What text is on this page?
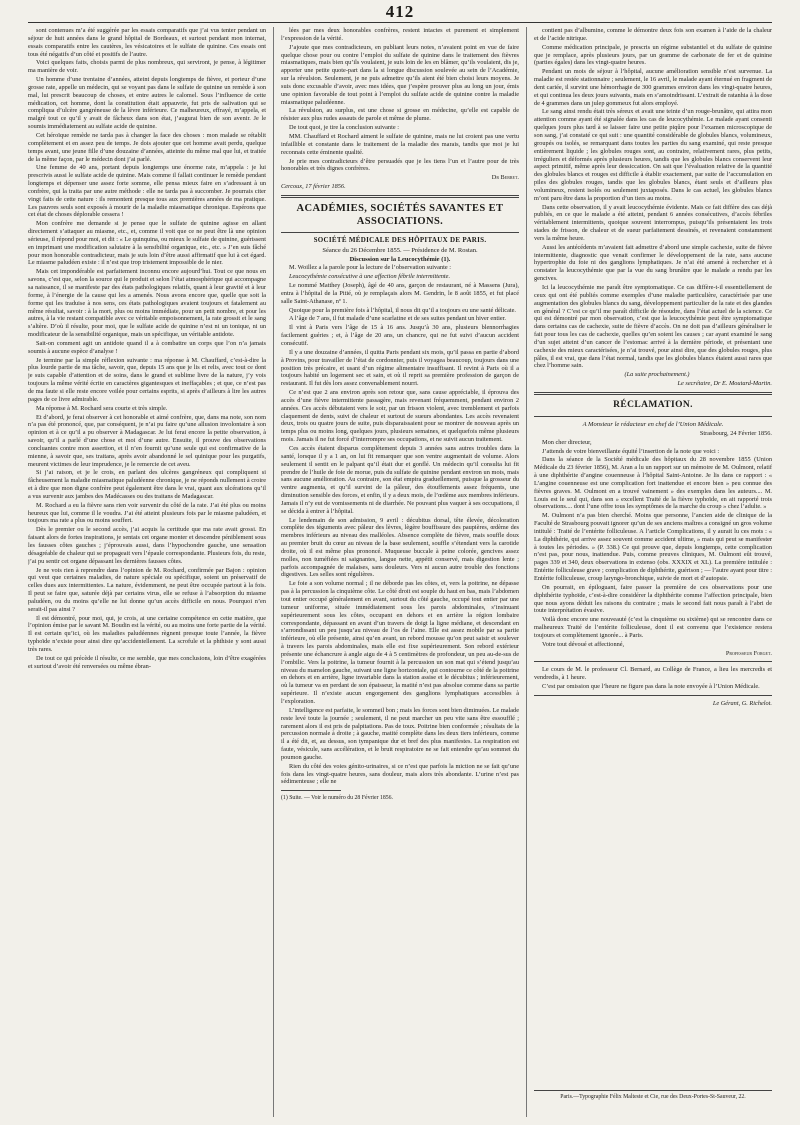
412

sont contenues m’a été suggérée par les essais comparatifs que j’ai vus tenter pendant un séjour de huit années dans le grand hôpital de Bordeaux, et surtout pendant mon internat, essais comparatifs entre les cautères, les vésicatoires et le sulfate de quinine. Ces essais ont tous été négatifs d’un côté et positifs de l’autre.

Voici quelques faits, choisis parmi de plus nombreux, qui serviront, je pense, à légitimer ma manière de voir.

Un homme d’une trentaine d’années, atteint depuis longtemps de fièvre, et porteur d’une grosse rate, appelle un médecin, qui se voyant pas dans le sulfate de quinine un remède à son mal, lui prescrit beaucoup de choses, et entre autres le calomel. Sous l’influence de cette médication, cet homme, dont la constitution était appauvrie, fut pris de salivation qui se compliqua d’ulcère gangréneuse de la lèvre inférieure. Ce malheureux, effrayé, m’appela, et malgré tout ce qu’il y avait de fâcheux dans son état, j’augurai bien de son avenir. Je le soumis immédiatement au sulfate acide de quinine.

Cet héroïque remède ne tarda pas à changer la face des choses : mon malade se rétablit complètement et en assez peu de temps. Je dois ajouter que cet homme avait perdu, quelque temps avant, une jeune fille d’une douzaine d’années, atteinte du même mal que lui, et traitée de la même façon, par le médecin dont j’ai parlé.

Une femme de 40 ans, portant depuis longtemps une énorme rate, m’appela : je lui prescrivis aussi le sulfate acide de quinine. Mais comme il fallait continuer le remède pendant longtemps et dépenser une assez forte somme, elle pensa mieux faire en s’adressant à un confrère, qui la traita par une autre méthode : elle ne tarda pas à succomber. Je pourrais citer vingt faits de cette nature : ils remontent presque tous aux premières années de ma pratique. Les pauvres seuls sont exposés à mourir de la maladie miasmatique chronique. Espérons que cet état de choses déplorable cessera !

Mon confrère me demande si je pense que le sulfate de quinine agisse en allant directement s’attaquer au miasme, etc., et, comme il voit que ce ne peut être là une opinion sérieuse, il répond pour moi, et dit : « Le quinquina, ou mieux le sulfate de quinine, guérissent en imprimant une modification salutaire à la sensibilité organique, etc., etc. » J’en suis fâché pour mon honorable contradicteur, mais je suis loin d’être aussi affirmatif que lui à cet égard. Le miasme paludéen existe : il n’est que trop tristement impossible de le nier.

Mais cet impondérable est parfaitement inconnu encore aujourd’hui. Tout ce que nous en savons, c’est que, selon la source qui le produit et selon l’état atmosphérique qui accompagne sa naissance, il se manifeste par des états pathologiques relatifs, quant à leur gravité et à leur forme, à l’énergie de la cause qui les a amenés. Nous avons encore que, quelle que soit la forme qui les traduise à nos sens, ces états pathologiques avaient toujours et fatalement au même résultat, savoir : à la mort, plus ou moins immédiate, pour un petit nombre, et pour les autres, à la vie restant compatible avec ce véritable empoisonnement, la rate grossit et le sang s’altère. D’où il résulte, pour moi, que le sulfate acide de quinine n’est ni un tonique, ni un modificateur de la sensibilité organique, mais un spécifique, un véritable antidote.

Sait-on comment agit un antidote quand il a à combattre un corps que l’on n’a jamais soumis à aucune espèce d’analyse !

Je termine par la simple réflexion suivante : ma réponse à M. Chauffard, c’est-à-dire la plus lourde partie de ma tâche, savoir, que, depuis 15 ans que je lis et relis, avec tout ce dont je suis capable d’attention et de soins, dans le grand et sublime livre de la nature, j’y vois toujours la même vérité écrite en caractères gigantesques et ineffaçables ; et que, ce n’est pas de ma faute si elle reste encore voilée pour certains esprits, si après d’ailleurs à lire les autres pages de ce livre admirable.

Ma réponse à M. Rochard sera courte et très simple.

Et d’abord, je ferai observer à cet honorable et aimé confrère, que, dans ma note, son nom n’a pas été prononcé, que, par conséquent, je n’ai pu faire qu’une allusion involontaire à son opinion et à ce qu’il a pu observer à Madagascar. Je lui ferai encore la petite observation, à savoir, qu’il a parlé d’une chose et moi d’une autre. Ensuite, il prouve des observations concluantes contre mon assertion, et il n’en fournit qu’une seule qui est confirmative de la mienne, à savoir que, ses traitans, après avoir abandonné le sel quinique pour les purgatifs, meurent victimes de leur imprudence, je le remercie de cet aveu.

Si j’ai raison, et je le crois, en parlant des ulcères gangréneux qui compliquent si fâcheusement la maladie miasmatique paludéenne chronique, je ne réponds nullement à croire et à dire que mon digne confrère peut également être dans le vrai, quant aux ulcérations qu’il a vus survenir aux jambes des Madécasses ou des traitans de Madagascar.

M. Rochard a eu la fièvre sans rien voir survenir du côté de la rate. J’ai été plus ou moins heureux que lui, comme il le voudra. J’ai été atteint plusieurs fois par le miasme paludéen, et toujours ma rate a plus ou moins souffert.

Dès le premier ou le second accès, j’ai acquis la certitude que ma rate avait grossi. En faisant alors de fortes inspirations, je sentais cet organe monter et descendre péniblement sous les fausses côtes gauches ; j’éprouvais aussi, dans l’hypochondre gauche, une sensation désagréable de chaleur qui se propageait vers l’épaule correspondante. Plusieurs fois, du reste, j’ai pu sentir cet organe dépassant les dernières fausses côtes.

Je ne vois rien à reprendre dans l’opinion de M. Rochard, confirmée par Bajon : opinion qui veut que certaines maladies, de nature spéciale ou spécifique, soient un préservatif de celles dues aux intermittentes. La nature, évidemment, ne peut être occupée partout à la fois. Il peut se faire que, saturée déjà par certains virus, elle se refuse à l’absorption du miasme paludéen, ou du moins qu’elle ne lui donne qu’un accès difficile en nous. Pourquoi n’en serait-il pas ainsi ?

Il est démontré, pour moi, qui, je crois, ai une certaine compétence en cette matière, que l’opinion émise par le savant M. Boudin est la vérité, ou au moins une forte partie de la vérité. Il est certain qu’ici, où les maladies paludéennes règnent presque toute l’année, la fièvre typhoïde n’existe pour ainsi dire qu’accidentellement. La scrofule et la phthisie y sont aussi très rares.

De tout ce qui précède il résulte, ce me semble, que mes conclusions, loin d’être exagérées et surtout d’avoir été renversées ou même ébran-

lées par mes deux honorables confrères, restent intactes et purement et simplement l’expression de la vérité.

J’ajoute que mes contradicteurs, en publiant leurs notes, n’avaient point en vue de faire quelque chose pour ou contre l’emploi du sulfate de quinine dans le traitement des fièvres miasmatiques, mais bien qu’ils voulaient, je suis loin de les en blâmer, qu’ils voulaient, dis je, apporter une petite quote-part dans la si longue discussion soulevée au sein de l’Académie, sur la révulsion. Seulement, je ne puis admettre qu’ils aient été bien choisi leurs moyens. Je suis donc excusable d’avoir, avec mes idées, que j’espère prouver plus au long un jour, émis une opinion favorable de tout point à l’emploi du sulfate acide de quinine contre la maladie miasmatique paludéenne.

La révulsion, au surplus, est une chose si grosse en médecine, qu’elle est capable de résister aux plus rudes assauts de parole et même de plume.

De tout quoi, je tire la conclusion suivante :

MM. Chauffard et Rochard aiment le sulfate de quinine, mais ne lui croient pas une vertu infaillible et constante dans le traitement de la maladie des marais, tandis que moi je lui reconnais cette éminente qualité.

Je prie mes contradicteurs d’être persuadés que je les tiens l’un et l’autre pour de très honorables et très dignes confrères.

Dr Berret.

Cercoux, 17 février 1856.

ACADÉMIES, SOCIÉTÉS SAVANTES ET ASSOCIATIONS.
SOCIÉTÉ MÉDICALE DES HÔPITAUX DE PARIS.
Séance du 26 Décembre 1855. — Présidence de M. Rostan.
Discussion sur la Leucocythémie (1).

M. Woillez a la parole pour la lecture de l’observation suivante :

Leucocythémie consécutive à une affection fébrile intermittente.

Le nommé Matthey (Joseph), âgé de 40 ans, garçon de restaurant, né à Massens (Jura), entra à l’hôpital de la Pitié, où je remplaçais alors M. Gendrin, le 8 août 1855, et fut placé salle Saint-Athanase, nº 1.

Quoique pour la première fois à l’hôpital, il nous dit qu’il a toujours eu une santé délicate.

A l’âge de 7 ans, il fut malade d’une scarlatine et de ses suites pendant un hiver entier.

Il vint à Paris vers l’âge de 15 à 16 ans. Jusqu’à 30 ans, plusieurs blennorrhagies facilement guéries ; et, à l’âge de 20 ans, un chancre, qui ne fut suivi d’aucun accident consécutif.

Il y a une douzaine d’années, il quitta Paris pendant six mois, qu’il passa en partie d’abord à Provins, pour travailler de l’état de cordonnier, puis il voyagea beaucoup, toujours dans une position très précaire, et usant d’un régime alimentaire insuffisant. Il revint à Paris où il a toujours habité un logement sec et sain, et où il reprit sa première profession de garçon de restaurant. Il fut dès lors assez convenablement nourri.

Ce n’est que 2 ans environ après son retour que, sans cause appréciable, il éprouva des accès d’une fièvre intermittente passagère, mais revenant fréquemment, pendant environ 2 années. Ces accès débutaient vers le soir, par un frisson violent, avec tremblement et parfois claquement de dents, suivi de chaleur et surtout de sueurs abondantes. Les accès revenaient deux, trois ou quatre jours de suite, puis disparaissaient pour se montrer de nouveau après un temps plus ou moins long, quelques jours, plusieurs semaines, et quelquefois même plusieurs mois. Jamais il ne fut forcé d’interrompre ses occupations, et ne suivit aucun traitement.

Ces accès étaient disparus complètement depuis 3 années sans autres troubles dans la santé, lorsque il y a 1 an, on lui fit remarquer que son ventre augmentait de volume. Alors seulement il sentit en le palpant qu’il était dur et gonflé. Un médecin qu’il consulta lui fit prendre de l’huile de foie de morue, puis du sulfate de quinine pendant environ un mois, mais sans aucune amélioration. Au contraire, son état empira graduellement, puisque la grosseur du ventre augmenta, et qu’il survint de la pâleur, des étouffements assez fréquents, une diminution sensible des forces, et enfin, il y a deux mois, de l’œdème aux membres inférieurs. Jamais il n’y eut de vomissements ni de diarrhée. Ne pouvant plus vaquer à ses occupations, il se décida à entrer à l’hôpital.

Le lendemain de son admission, 9 avril : décubitus dorsal, tête élevée, décoloration complète des téguments avec pâleur des lèvres, lègère bouffissure des paupières, œdème des membres inférieurs au niveau des malléoles. Absence complète de fièvre, mais souffle doux au premier bruit du cœur au niveau de la base seulement, souffle s’étendant vers la carotide droite, où il est même plus prononcé. Muqueuse buccale à peine colorée, gencives assez molles, non tuméfiées ni saignantes, langue nette, appétit conservé, mais digestion lente ; parfois accompagnée de malaises, sans douleurs. Vers ni aucun autre trouble des fonctions digestives. Les selles sont régulières.

Le foie a son volume normal ; il ne déborde pas les côtes, et, vers la poitrine, ne dépasse pas à la percussion la cinquième côte. Le côté droit est souple du haut en bas, mais l’abdomen tout entier occupé généralement en avant, surtout du côté gauche, occupé tout entier par une tumeur uniforme, située immédiatement sous les parois abdominales, s’insinuant supérieurement sous les côtes, occupant en dehors et en arrière la région lombaire correspondante, dépassant en avant d’un travers de doigt la ligne médiane, et descendant en s’arrondissant un peu jusqu’au niveau de l’os de l’aine. Elle est assez mobile par sa partie inférieure, où elle présente, ainsi qu’en avant, un rebord mousse qu’on peut saisir et soulever à travers les parois abdominales, mais elle est fixe supérieurement. Son rebord extérieur présente une échancrure à angle aigu de 4 à 5 centimètres de profondeur, un peu au-de-sus de l’ombilic. Vers la poitrine, la tumeur fournit à la percussion un son mat qui s’étend jusqu’au niveau du mamelon gauche, suivant une ligne horizontale, qui contourne ce côté de la poitrine en dehors et en arrière, ligne invariable dans la station assise et le décubitus ; inférieurement, où la tumeur va en perdant de son épaisseur, la matité n’est pas absolue comme dans sa partie supérieure. Il n’existe aucun engorgement des ganglions lymphatiques accessibles à l’exploration.

L’intelligence est parfaite, le sommeil bon ; mais les forces sont bien diminuées. Le malade reste levé toute la journée ; seulement, il ne peut marcher un peu vite sans être essoufflé ; rarement alors il est pris de palpitations. Pas de toux. Poitrine bien conformée ; résultats de la percussion normale à droite ; à gauche, matité complète dans les deux tiers inférieurs, comme il a été dit, et, au dessus, son tympanique dur et bref des plus manifestes. La respiration est faute, vésicule, sans accélération, et le bruit respiratoire ne se fait entendre qu’au sommet du poumon gauche.

Rien du côté des voies génito-urinaires, si ce n’est que parfois la miction ne se fait qu’une fois dans les vingt-quatre heures, sans douleur, mais alors très abondante. L’urine n’est pas sédimenteuse ; elle ne

(1) Suite. — Voir le numéro du 28 Février 1856.

contient pas d’albumine, comme le démontre deux fois son examen à l’aide de la chaleur et de l’acide nitrique.

Comme médication principale, je prescris un régime substantiel et du sulfate de quinine que je remplace, après plusieurs jours, par un gramme de carbonate de fer et de quinine (parties égales) dans les vingt-quatre heures.

Pendant un mois de séjour à l’hôpital, aucune amélioration sensible n’est survenue. La maladie est restée stationnaire ; seulement, le 16 avril, le malade ayant éternué en fragment de dent cariée, il survint une hémorrhagie de 300 grammes environ dans les vingt-quatre heures, et qui continua les deux jours suivants, mais en s’amoindrissant. L’extrait de ratanhia à la dose de 4 grammes dans un julep gommeux fut alors employé.

Le sang ainsi rendu était très séreux et avait une teinte d’un rouge-brunâtre, qui attira mon attention comme ayant été signalée dans les cas de leucocythémie. Le malade ayant consenti quelques jours plus tard à se laisser faire une petite piqûre pour l’examen microscopique de son sang, j’ai constaté ce qui suit : une quantité considérable de globules blancs, volumineux, groupés ou isolés, se remarquant dans toutes les parties du sang examiné, qui reste presque entièrement liquide ; les globules rouges sont, au contraire, relativement rares, plus petits, irréguliers et déformés après plusieurs heures, tandis que les globules blancs conservent leur aspect primitif, même après leur dessiccation. On sait que l’évaluation relative de la quantité des globules blancs et rouges est difficile à établir exactement, par suite de l’accumulation en piles des globules rouges, tandis que les globules blancs, étant seuls et d’ailleurs plus volumineux, restent isolés ou seulement juxtaposés. Dans le cas actuel, les globules blancs m’ont paru être dans la proportion d’un tiers au moins.

Dans cette observation, il y avait leucocythémie évidente. Mais ce fait diffère des cas déjà publiés, en ce que le malade a été atteint, pendant 6 années consécutives, d’accès fébriles véritablement intermittents, quoique souvent interrompus, puisqu’ils présentaient les trois stades de frisson, de chaleur et de sueur parfaitement dessinés, et revenaient constamment vers la même heure.

Aussi les antécédents m’avaient fait admettre d’abord une simple cachexie, suite de fièvre intermittente, diagnostic que venait confirmer le développement de la rate, sans aucune hypertrophie du foie ni des ganglions lymphatiques. Je n’ai été amené à rechercher et à constater la leucocythémie que par la vue du sang brunâtre que le malade a rendu par les gencives.

Ici la leucocythémie me paraît être symptomatique. Ce cas diffère-t-il essentiellement de ceux qui ont été publiés comme exemples d’une maladie particulière, caractérisée par une augmentation des globules blancs du sang, développement particulier de la rate et des glandes en général ? C’est ce qu’il me paraît difficile de résoudre, dans l’état actuel de la science. Ce qui est démontré par mon observation, c’est que la leucocythémie peut être symptomatique dans certains cas de cachexie, suite de fièvre d’accès. On ne doit pas d’ailleurs généraliser le fait pour tous les cas de cachexie, quelles qu’en soient les causes ; car ayant examiné le sang d’un sujet atteint d’un cancer de l’estomac arrivé à la dernière période, et présentant une cachexie des mieux caractérisées, je n’ai trouvé, pour ainsi dire, que des globules rouges, plus pâles, il est vrai, que dans l’état normal, tandis que les globules blancs étaient aussi rares que chez l’homme sain.

(La suite prochainement.)

Le secrétaire, Dr E. Moutard-Martin.

RÉCLAMATION.
A Monsieur le rédacteur en chef de l’Union Médicale.

Strasbourg, 24 Février 1856.

Mon cher directeur,

J’attends de votre bienveillante équité l’insertion de la note que voici :

Dans la séance de la Société médicale des hôpitaux du 28 novembre 1855 (Union Médicale du 23 février 1856), M. Aran a lu un rapport sur un mémoire de M. Oulmont, relatif à une diphthérite d’angine couenneuse à l’hôpital Saint-Antoine. Je lis dans ce rapport : « L’angine couenneuse est une complication fort inattendue et encore bien » peu connue des fièvres graves. M. Oulmont en a trouvé vainement » des exemples dans les auteurs.... M. Louis est le seul qui, dans son » excellent Traité de la fièvre typhoïde, en ait rapporté trois observations.... dont l’une offre tous les symptômes de la marche du croup » chez l’adulte. »

M. Oulmont n’a pas bien cherché. Moins que personne, l’ancien aide de clinique de la Faculté de Strasbourg pouvait ignorer qu’un de ses anciens maîtres a consigné un gros volume intitulé : Traité de l’entérite folliculeuse. A l’article Complications, il y aurait lu ces mots : « La diphthérie, qui arrive assez souvent comme accident ultime, » mais qui peut se manifester à toutes les périodes. » (P. 338.) Ce qui prouve que, depuis longtemps, cette complication n’est pas, pour nous, inattendue. Puis, comme preuves cliniques, M. Oulmont eût trouvé, pages 339 et 340, deux observations in extenso (obs. XXXIX et XL). La première intitulée : Entérite folliculeuse grave ; complication de diphthérite, guérison ; — l’autre ayant pour titre : Entérite folliculeuse, croup laryngo-bronchique, suivie de mort et d’autopsie.

On pourrait, en épiloguant, faire passer la première de ces observations pour une diphthérite typhoïde, c’est-à-dire considérer la diphthérite comme l’affection principale, bien que nous ayons déduit les raisons du contraire ; mais le second fait nous paraît à l’abri de toute interprétation évasive.

Voilà donc encore une nouveauté (c’est la cinquième ou sixième) qui se rencontre dans ce malheureux Traité de l’entérite folliculeuse, dont il est convenu que l’existence restera toujours et complètement ignorée... à Paris.

Votre tout dévoué et affectionné,

Professeur Forget.

Le cours de M. le professeur Cl. Bernard, au Collège de France, a lieu les mercredis et vendredis, à 1 heure.

C’est par omission que l’heure ne figure pas dans la note envoyée à l’Union Médicale.

Le Gérant, G. Richelot.

Paris.—Typographie Félix Malteste et Cie, rue des Deux-Portes-St-Sauveur, 22.
